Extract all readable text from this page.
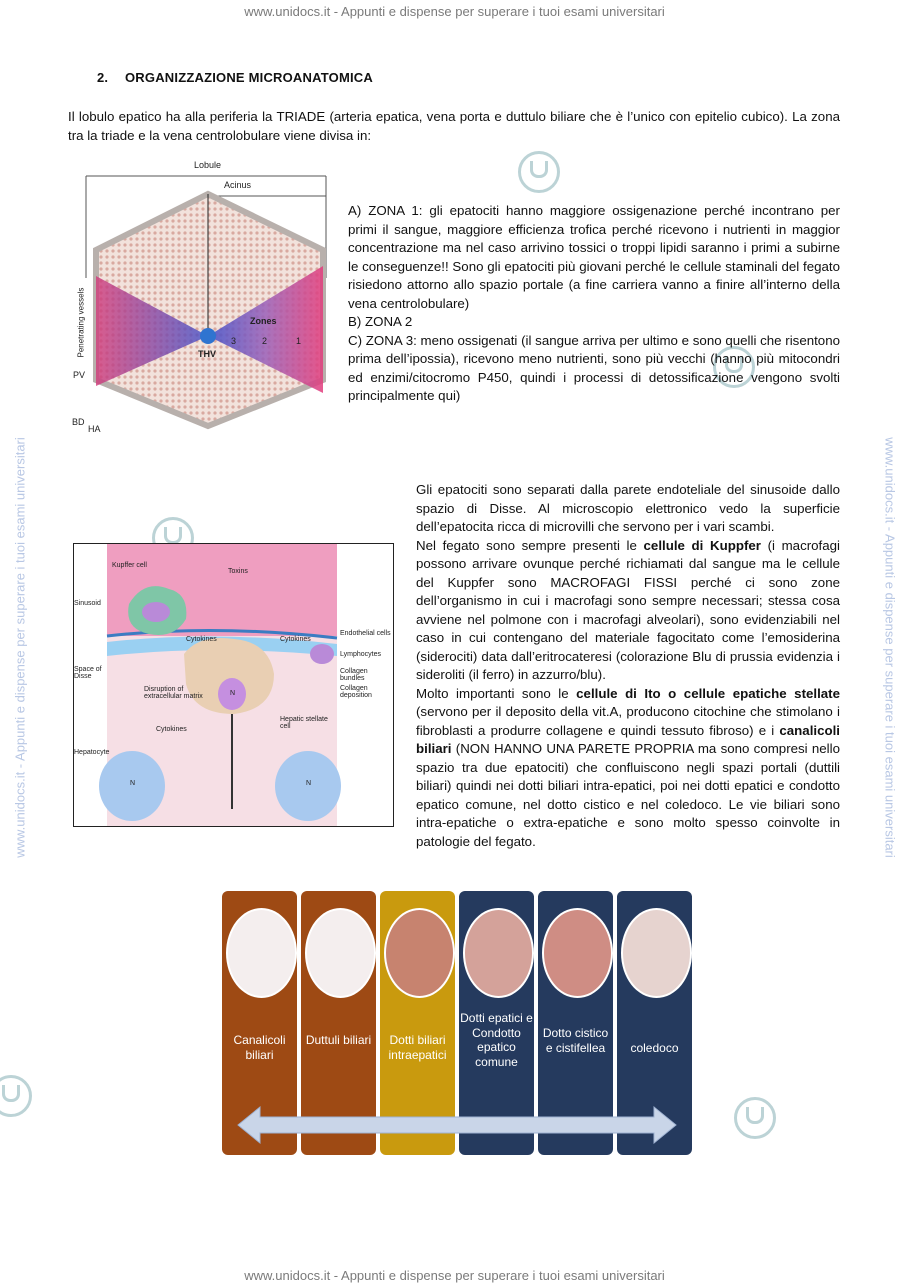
www.unidocs.it - Appunti e dispense per superare i tuoi esami universitari
www.unidocs.it - Appunti e dispense per superare i tuoi esami universitari
www.unidocs.it - Appunti e dispense per superare i tuoi esami universitari	www.unidocs.it - Appunti e dispense per superare i tuoi esami universitari
2. ORGANIZZAZIONE MICROANATOMICA
Il lobulo epatico ha alla periferia la TRIADE (arteria epatica, vena porta e duttulo biliare che è l’unico con epitelio cubico). La zona tra la triade e la vena centrolobulare viene divisa in:
Lobule
Acinus
Zones
3	2	1
THV
Penetrating vessels
PV
BD
HA

A) ZONA 1: gli epatociti hanno maggiore ossigenazione perché incontrano per primi il sangue, maggiore efficienza trofica perché ricevono i nutrienti in maggior concentrazione ma nel caso arrivino tossici o troppi lipidi saranno i primi a subirne le conseguenze!! Sono gli epatociti più giovani perché le cellule staminali del fegato risiedono attorno allo spazio portale (a fine carriera vanno a finire all’interno della vena centrolobulare)

B) ZONA 2

C) ZONA 3: meno ossigenati (il sangue arriva per ultimo e sono quelli che risentono prima dell’ipossia), ricevono meno nutrienti, sono più vecchi (hanno più mitocondri ed enzimi/citocromo P450, quindi i processi di detossificazione vengono svolti principalmente qui)

Kupffer cell
Toxins
Sinusoid
Cytokines	Cytokines
Endothelial cells
Lymphocytes
Collagen bundles
Collagen deposition
Space of Disse
Disruption of extracellular matrix
Hepatic stellate cell
Cytokines
Hepatocyte
N
N
N

Gli epatociti sono separati dalla parete endoteliale del sinusoide dallo spazio di Disse. Al microscopio elettronico vedo la superficie dell’epatocita ricca di microvilli che servono per i vari scambi.

Nel fegato sono sempre presenti le cellule di Kuppfer (i macrofagi possono arrivare ovunque perché richiamati dal sangue ma le cellule del Kuppfer sono MACROFAGI FISSI perché ci sono zone dell’organismo in cui i macrofagi sono sempre necessari; stessa cosa avviene nel polmone con i macrofagi alveolari), sono evidenziabili nel caso in cui contengano del materiale fagocitato come l’emosiderina (siderociti) data dall’eritrocateresi (colorazione Blu di prussia evidenzia i sideroliti (il ferro) in azzurro/blu).

Molto importanti sono le cellule di Ito o cellule epatiche stellate (servono per il deposito della vit.A, producono citochine che stimolano i fibroblasti a produrre collagene e quindi tessuto fibroso) e i canalicoli biliari (NON HANNO UNA PARETE PROPRIA ma sono compresi nello spazio tra due epatociti) che confluiscono negli spazi portali (duttili biliari) quindi nei dotti biliari intra-epatici, poi nei dotti epatici e condotto epatico comune, nel dotto cistico e nel coledoco. Le vie biliari sono intra-epatiche o extra-epatiche e sono molto spesso coinvolte in patologie del fegato.

Canalicoli biliari
Duttuli biliari	Dotti biliari intraepatici
Dotti epatici e Condotto epatico comune
Dotto cistico e cistifellea	coledoco
